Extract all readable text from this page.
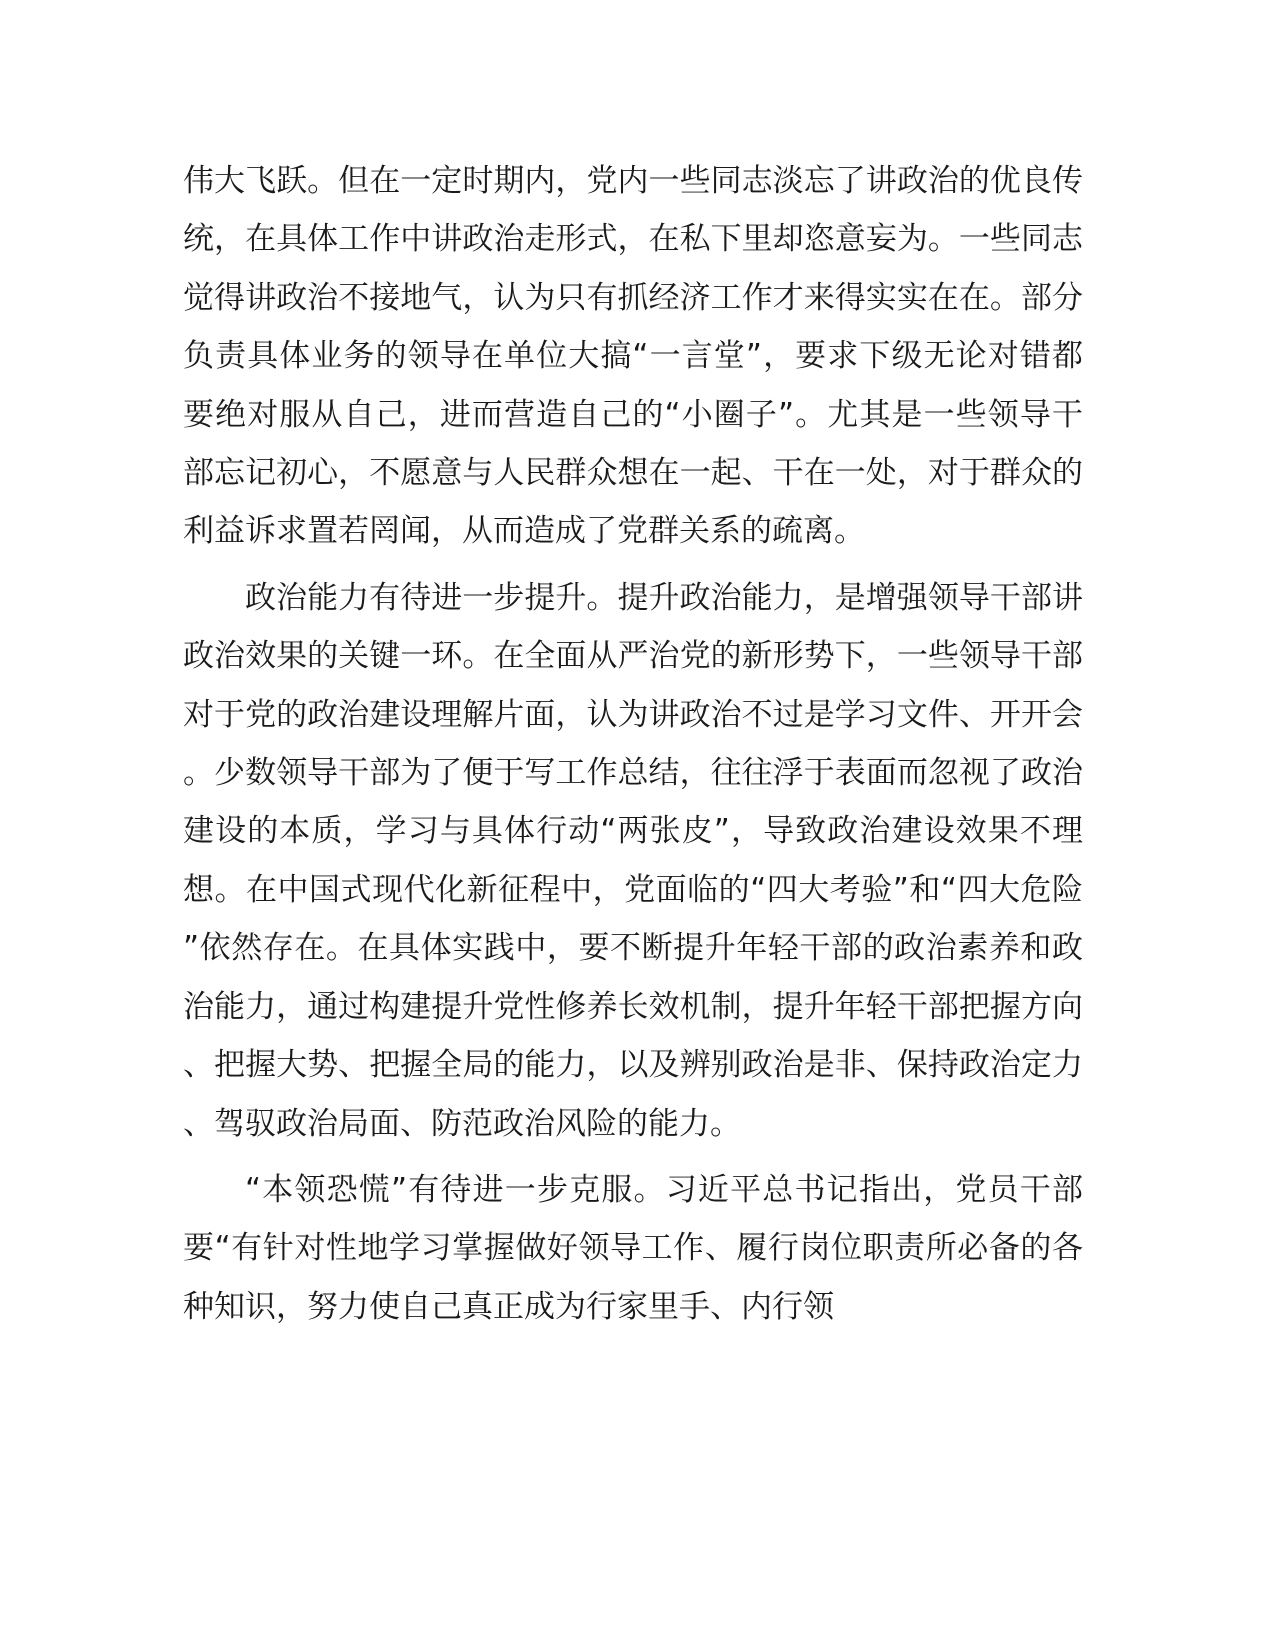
伟大飞跃。但在一定时期内，党内一些同志淡忘了讲政治的优良传统，在具体工作中讲政治走形式，在私下里却恣意妄为。一些同志觉得讲政治不接地气，认为只有抓经济工作才来得实实在在。部分负责具体业务的领导在单位大搞“一言堂”，要求下级无论对错都要绝对服从自己，进而营造自己的“小圈子”。尤其是一些领导干部忘记初心，不愿意与人民群众想在一起、干在一处，对于群众的利益诉求置若罔闻，从而造成了党群关系的疏离。

政治能力有待进一步提升。提升政治能力，是增强领导干部讲政治效果的关键一环。在全面从严治党的新形势下，一些领导干部对于党的政治建设理解片面，认为讲政治不过是学习文件、开开会。少数领导干部为了便于写工作总结，往往浮于表面而忽视了政治建设的本质，学习与具体行动“两张皮”，导致政治建设效果不理想。在中国式现代化新征程中，党面临的“四大考验”和“四大危险”依然存在。在具体实践中，要不断提升年轻干部的政治素养和政治能力，通过构建提升党性修养长效机制，提升年轻干部把握方向、把握大势、把握全局的能力，以及辨别政治是非、保持政治定力、驾驭政治局面、防范政治风险的能力。

“本领恐慌”有待进一步克服。习近平总书记指出，党员干部要“有针对性地学习掌握做好领导工作、履行岗位职责所必备的各种知识，努力使自己真正成为行家里手、内行领
